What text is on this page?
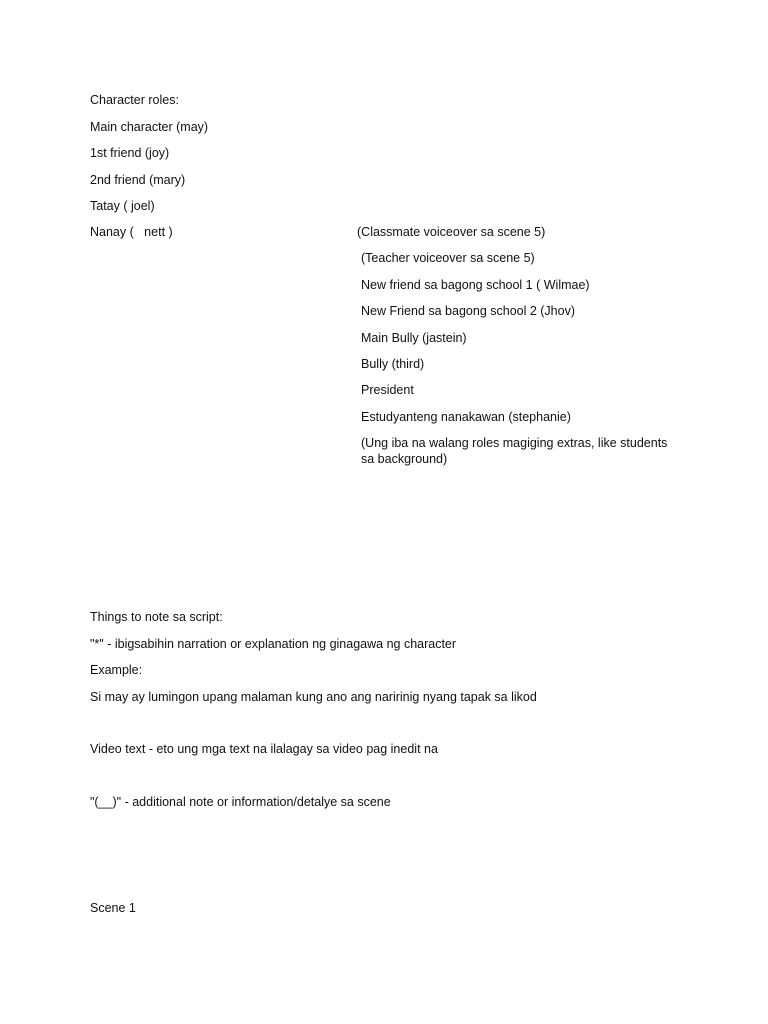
Character roles:
Main character (may)
1st friend (joy)
2nd friend (mary)
Tatay ( joel)
Nanay (   nett )	(Classmate voiceover sa scene 5)
(Teacher voiceover sa scene 5)
New friend sa bagong school 1 ( Wilmae)
New Friend sa bagong school 2 (Jhov)
Main Bully (jastein)
Bully (third)
President
Estudyanteng nanakawan (stephanie)
(Ung iba na walang roles magiging extras, like students sa background)
Things to note sa script:
"*" - ibigsabihin narration or explanation ng ginagawa ng character
Example:
Si may ay lumingon upang malaman kung ano ang naririnig nyang tapak sa likod
Video text - eto ung mga text na ilalagay sa video pag inedit na
"(__)" - additional note or information/detalye sa scene
Scene 1
